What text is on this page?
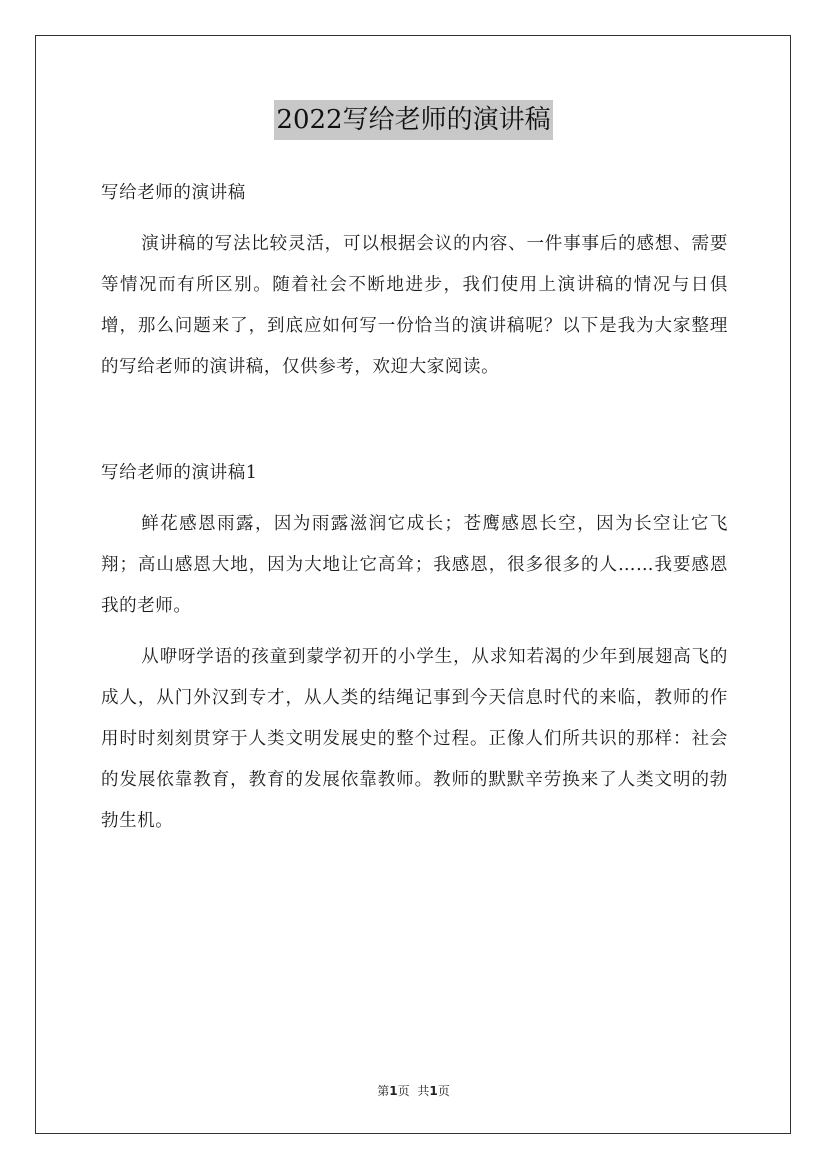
2022写给老师的演讲稿

写给老师的演讲稿

演讲稿的写法比较灵活，可以根据会议的内容、一件事事后的感想、需要等情况而有所区别。随着社会不断地进步，我们使用上演讲稿的情况与日俱增，那么问题来了，到底应如何写一份恰当的演讲稿呢？以下是我为大家整理的写给老师的演讲稿，仅供参考，欢迎大家阅读。

写给老师的演讲稿1

鲜花感恩雨露，因为雨露滋润它成长；苍鹰感恩长空，因为长空让它飞翔；高山感恩大地，因为大地让它高耸；我感恩，很多很多的人……我要感恩我的老师。

从咿呀学语的孩童到蒙学初开的小学生，从求知若渴的少年到展翅高飞的成人，从门外汉到专才，从人类的结绳记事到今天信息时代的来临，教师的作用时时刻刻贯穿于人类文明发展史的整个过程。正像人们所共识的那样：社会的发展依靠教育，教育的发展依靠教师。教师的默默辛劳换来了人类文明的勃勃生机。

第1页 共1页
